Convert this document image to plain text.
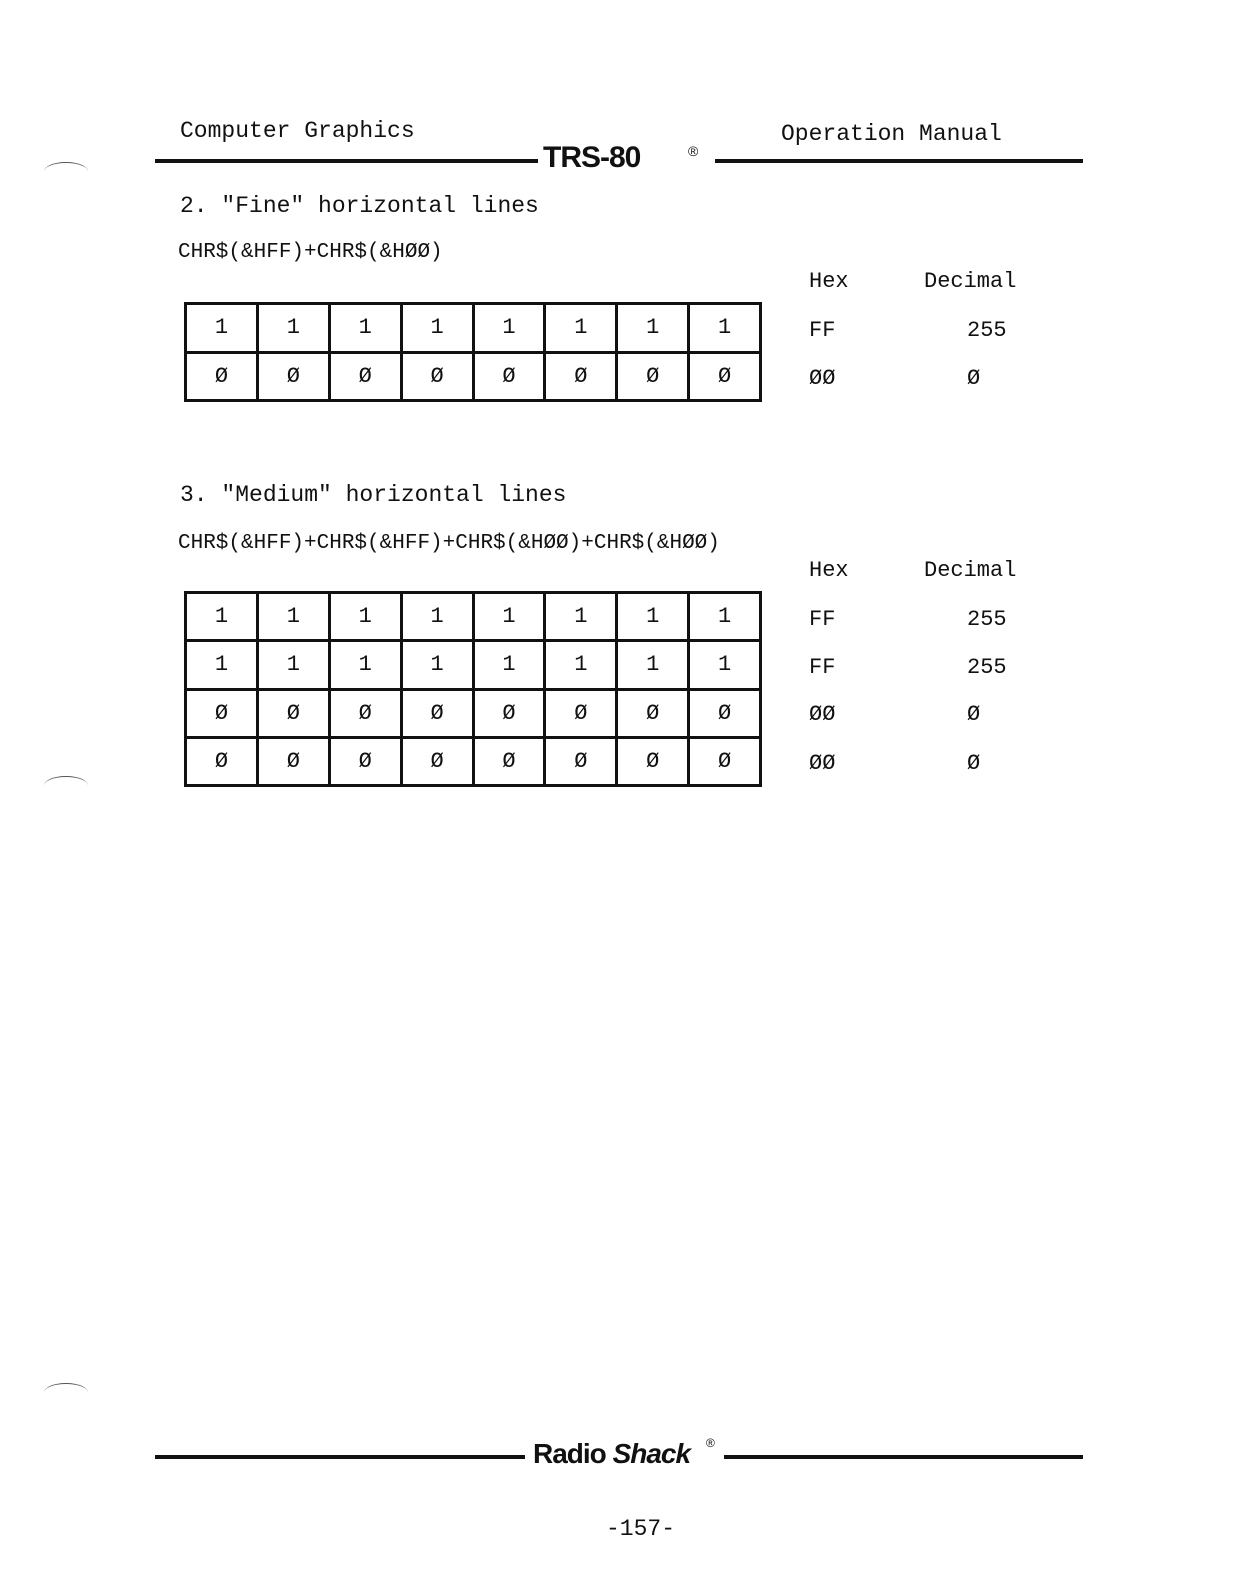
Computer Graphics	Operation Manual
TRS-80	®
2. "Fine" horizontal lines
CHR$(&HFF)+CHR$(&HØØ)
Hex	Decimal
1	1	1	1	1	1	1	1
Ø	Ø	Ø	Ø	Ø	Ø	Ø	Ø
FF	255
ØØ	Ø
3. "Medium" horizontal lines
CHR$(&HFF)+CHR$(&HFF)+CHR$(&HØØ)+CHR$(&HØØ)
Hex	Decimal
1	1	1	1	1	1	1	1
1	1	1	1	1	1	1	1
Ø	Ø	Ø	Ø	Ø	Ø	Ø	Ø
Ø	Ø	Ø	Ø	Ø	Ø	Ø	Ø
FF	255
FF	255
ØØ	Ø
ØØ	Ø
Radio Shack ®
-157-
